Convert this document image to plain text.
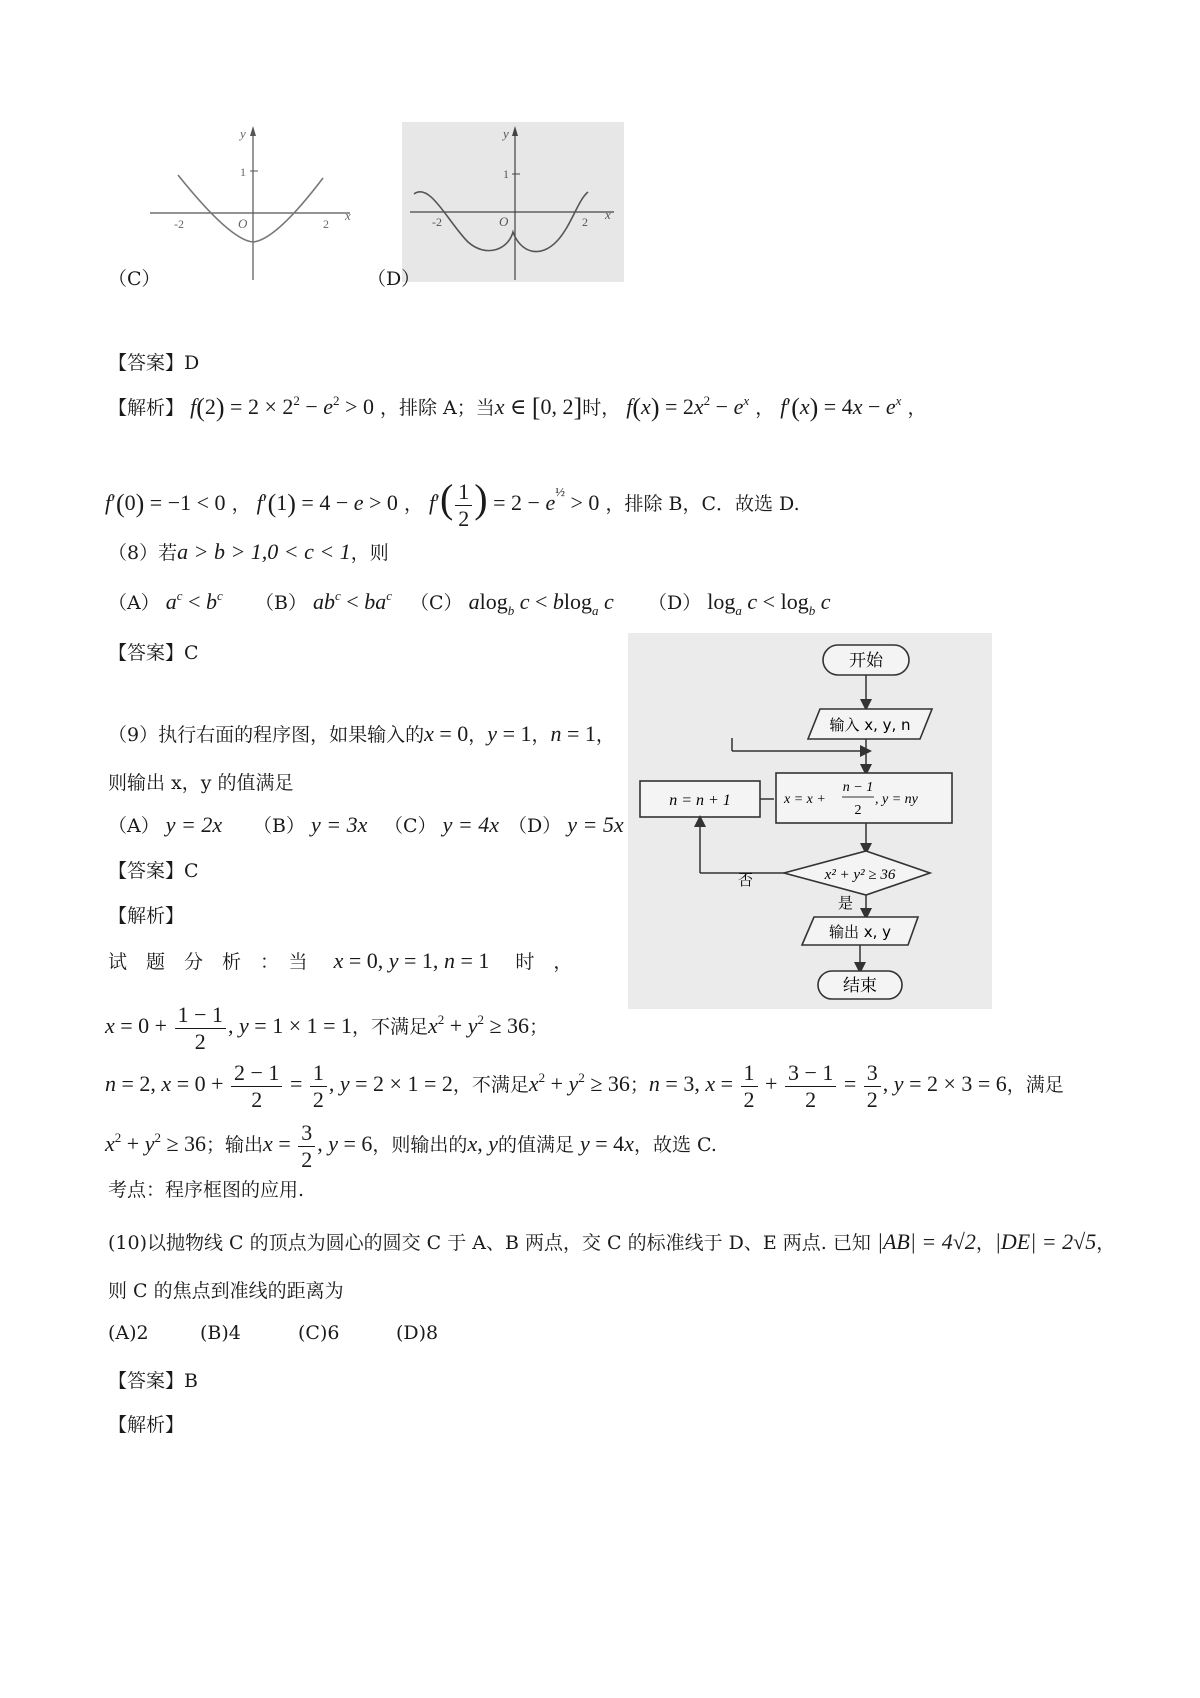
y
1
O
-2	2
x
（C）
y
1
O
-2	2 x
（D）
【答案】D
【解析】 $f(2) = 2 \times 2^2 - e^2 > 0$ ，排除 A；当x ∈ [0, 2]时， $f(x) = 2x^2 - e^x$ ， $f'(x) = 4x - e^x$ ，
f′(0) = −1 < 0 ， f′(1) = 4 − e > 0 ， $f'( \frac{1}{2}$ ) = $2 - e^{\frac{1}{2}} > 0$ ，排除 B，C．故选 D.
（8）若a > b > 1,0 < c < 1，则
（A） $a^c < b^c$ （B） $ab^c < ba^c$ （C） alog$_b$ c < blog$_a$ c （D） $\log_a c < \log_b c$
【答案】C	开始
输入 x, y, n
x = x +
n − 1
2
, y = ny
n = n + 1
x² + y² ≥ 36
否
是
输出 x, y
结束
（9）执行右面的程序图，如果输入的x = 0，y = 1，n = 1，
则输出 x，y 的值满足
（A） y = 2x （B） y = 3x （C） y = 4x （D） y = 5x
【答案】C
【解析】
试　题　分　析　：　当 x = 0, y = 1, n = 1 时　，
$x = 0 + \frac{1 - 1}{2}$ , y = 1 × 1 = 1，不满足$x^2 + y^2 \ge 36$；
n = 2, $x = 0 + \frac{2 - 1}{2} = \frac{1}{2}$ , y = 2 × 1 = 2，不满足$x^2 + y^2 \ge 36$；n = 3, $x = \frac{1}{2} + \frac{3 - 1}{2} = \frac{3}{2}$ , y = 2 × 3 = 6，满足
$x^2 + y^2 \ge 36$；输出$x = \frac{3}{2}$ , y = 6，则输出的x, y的值满足 y = 4x，故选 C.
考点：程序框图的应用.
(10)以抛物线 C 的顶点为圆心的圆交 C 于 A、B 两点，交 C 的标准线于 D、E 两点. 已知 |AB| = 4√2，|DE| = 2√5，
则 C 的焦点到准线的距离为
(A)2	(B)4	(C)6	(D)8
【答案】B
【解析】
